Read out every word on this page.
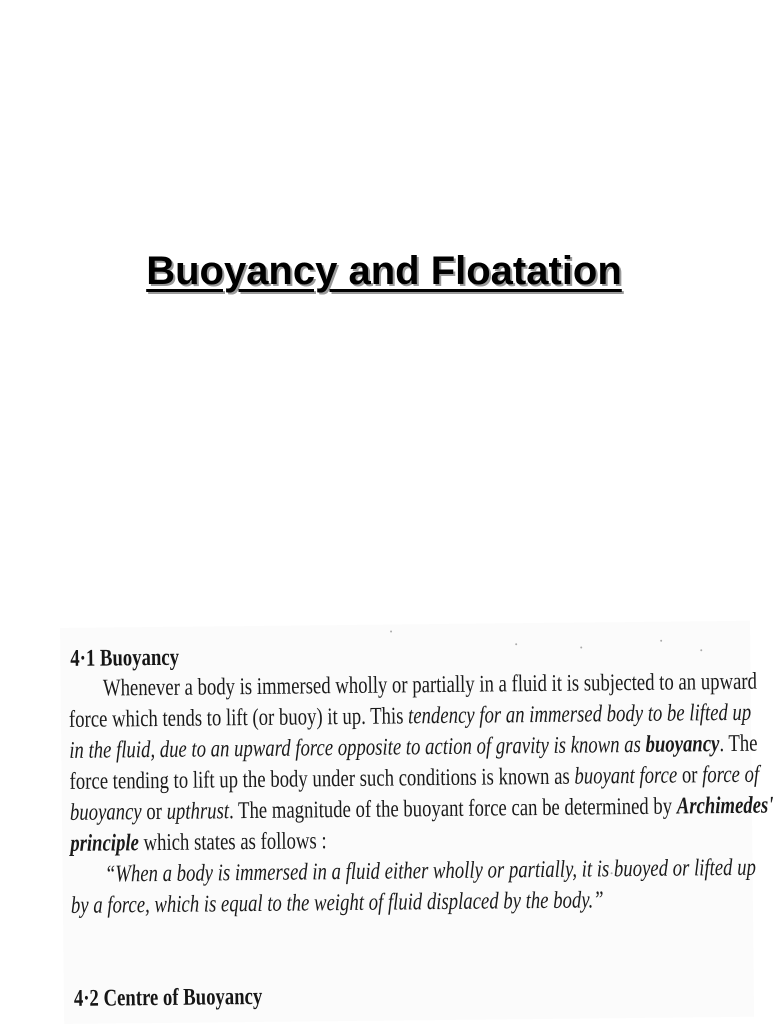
Buoyancy and Floatation
4·1 Buoyancy

Whenever a body is immersed wholly or partially in a fluid it is subjected to an upward
force which tends to lift (or buoy) it up. This tendency for an immersed body to be lifted up
in the fluid, due to an upward force opposite to action of gravity is known as buoyancy. The
force tending to lift up the body under such conditions is known as buoyant force or force of
buoyancy or upthrust. The magnitude of the buoyant force can be determined by Archimedes'
principle which states as follows :
“When a body is immersed in a fluid either wholly or partially, it is buoyed or lifted up
by a force, which is equal to the weight of fluid displaced by the body.”

4·2 Centre of Buoyancy
